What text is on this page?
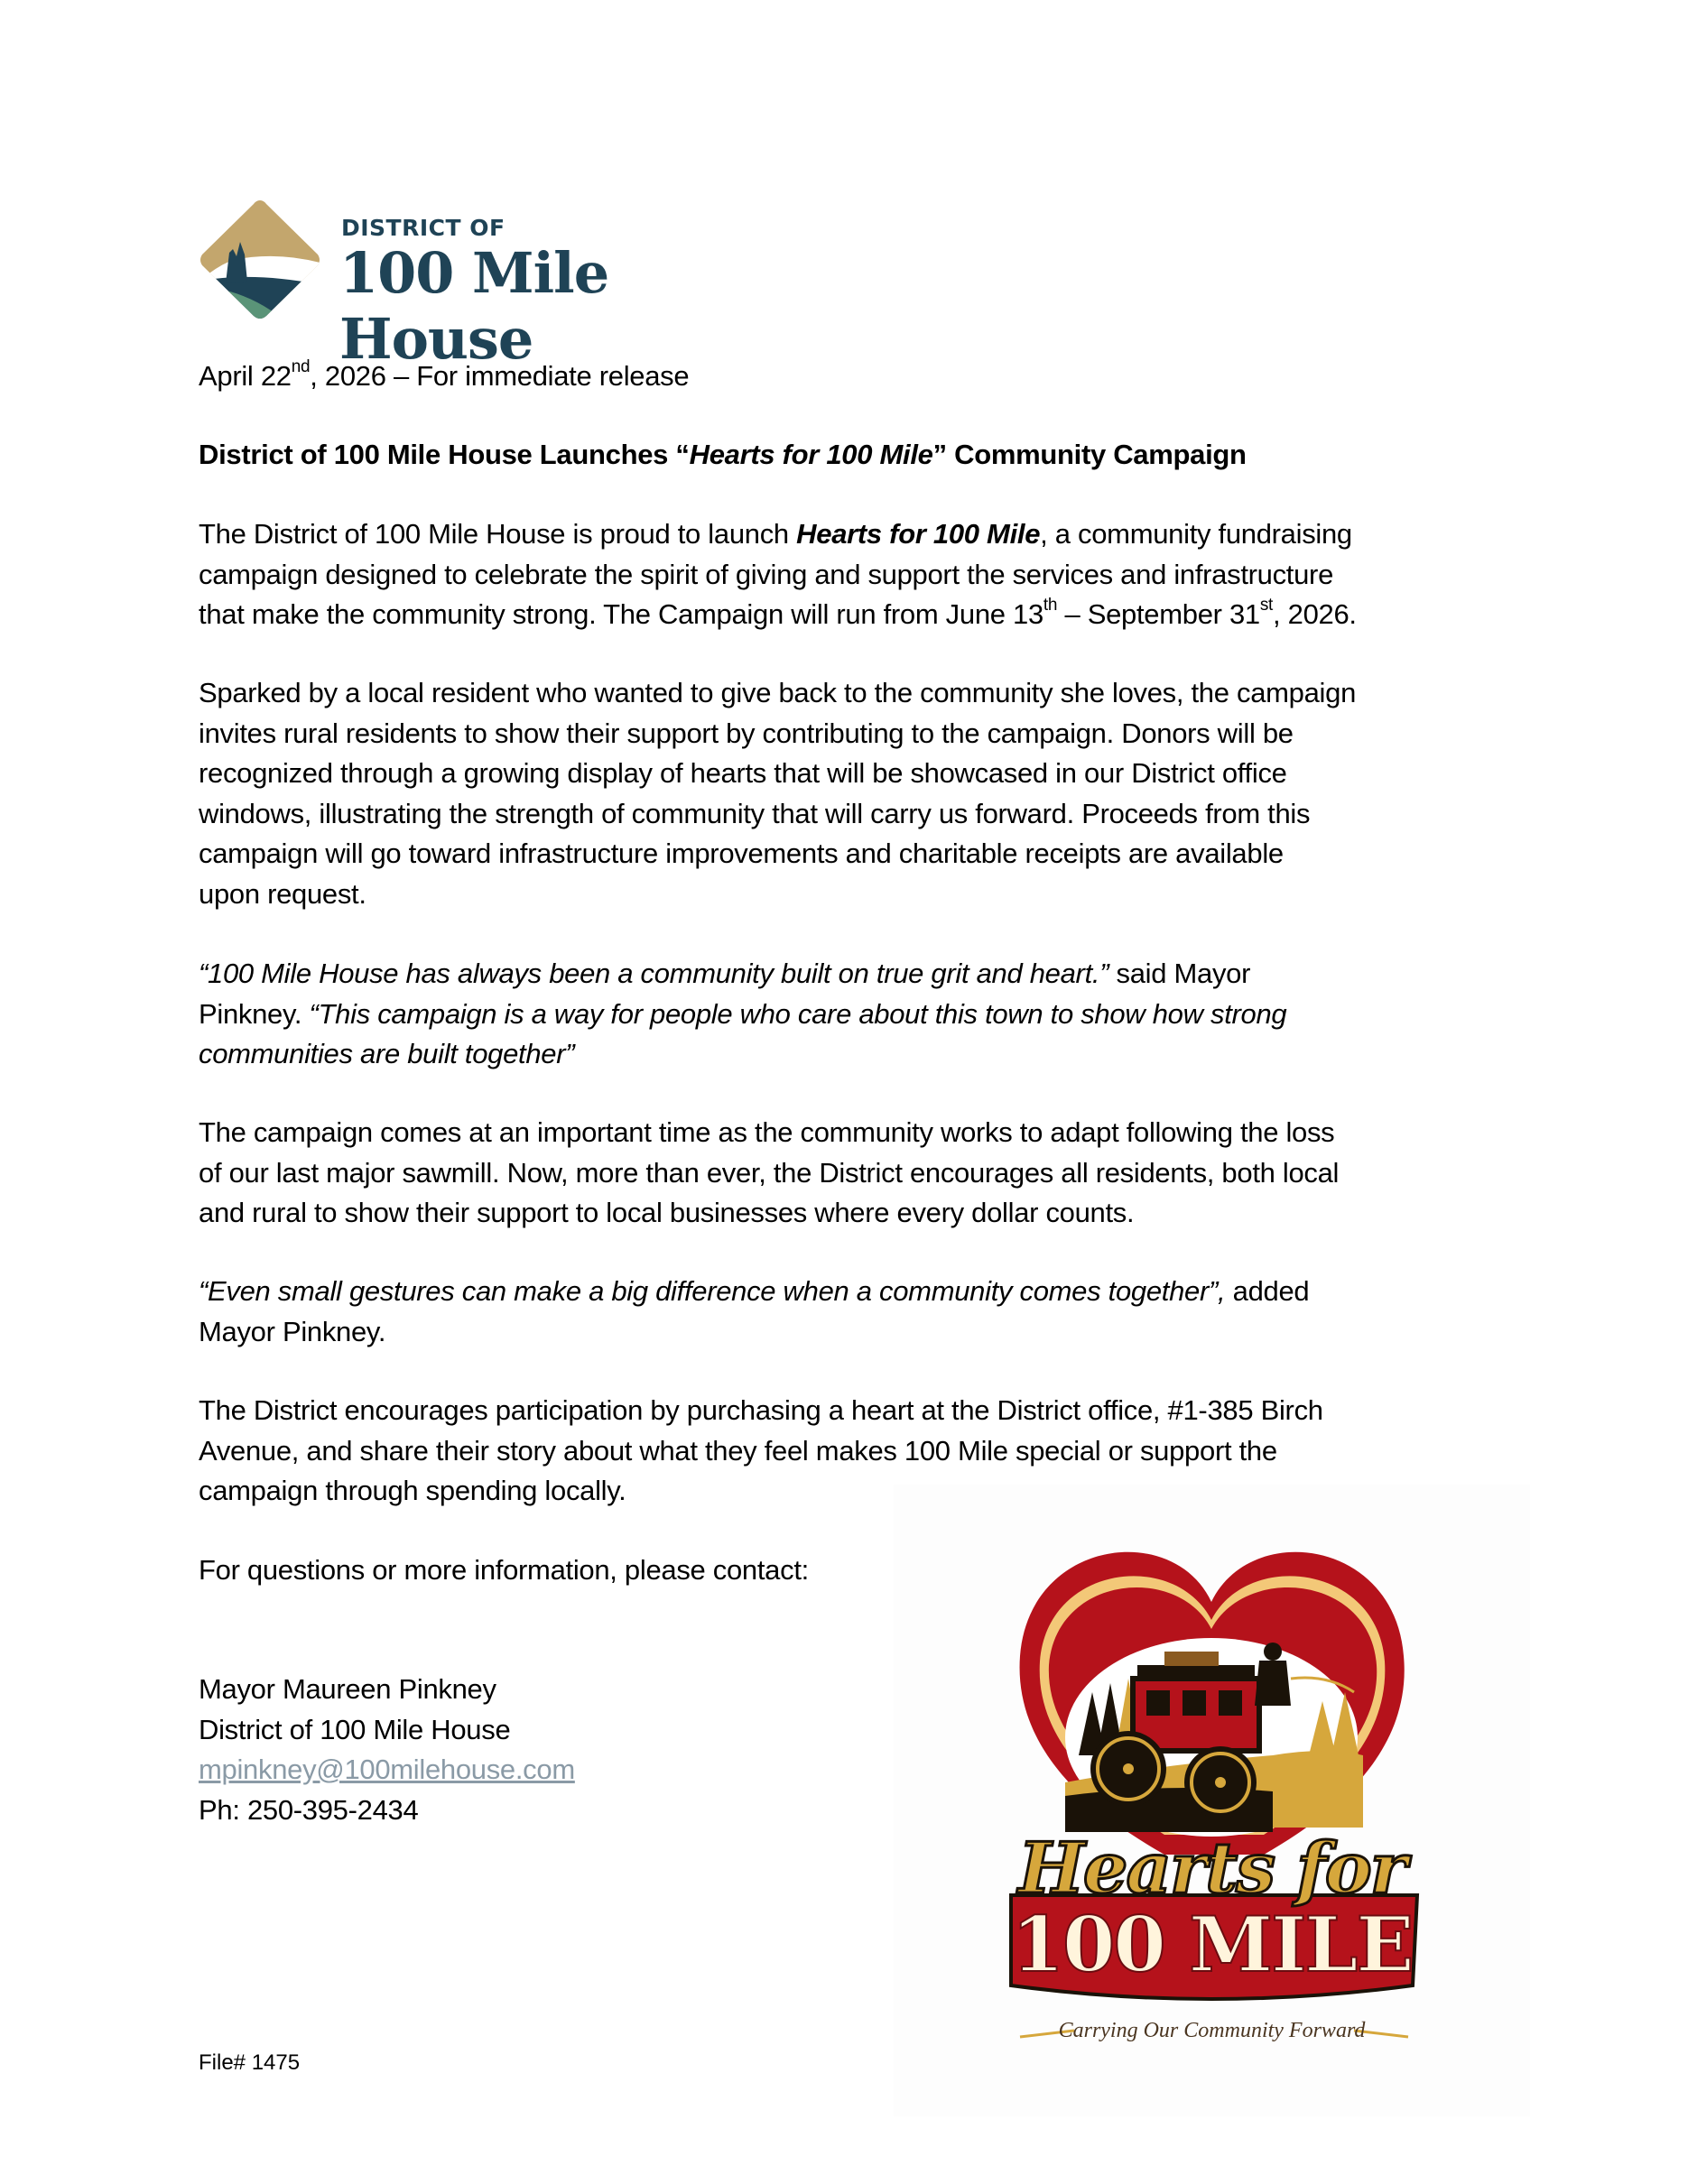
DISTRICT OF
100 Mile House
April 22nd, 2026 – For immediate release
District of 100 Mile House Launches “Hearts for 100 Mile” Community Campaign
The District of 100 Mile House is proud to launch Hearts for 100 Mile, a community fundraising
campaign designed to celebrate the spirit of giving and support the services and infrastructure
that make the community strong. The Campaign will run from June 13th – September 31st, 2026.
Sparked by a local resident who wanted to give back to the community she loves, the campaign
invites rural residents to show their support by contributing to the campaign. Donors will be
recognized through a growing display of hearts that will be showcased in our District office
windows, illustrating the strength of community that will carry us forward. Proceeds from this
campaign will go toward infrastructure improvements and charitable receipts are available
upon request.
“100 Mile House has always been a community built on true grit and heart.” said Mayor
Pinkney. “This campaign is a way for people who care about this town to show how strong
communities are built together”
The campaign comes at an important time as the community works to adapt following the loss
of our last major sawmill. Now, more than ever, the District encourages all residents, both local
and rural to show their support to local businesses where every dollar counts.
“Even small gestures can make a big difference when a community comes together”, added
Mayor Pinkney.
The District encourages participation by purchasing a heart at the District office, #1-385 Birch
Avenue, and share their story about what they feel makes 100 Mile special or support the
campaign through spending locally.
For questions or more information, please contact:
Mayor Maureen Pinkney
District of 100 Mile House
mpinkney@100milehouse.com
Ph: 250-395-2434
Hearts for
100 MILE
Carrying Our Community Forward
File# 1475
